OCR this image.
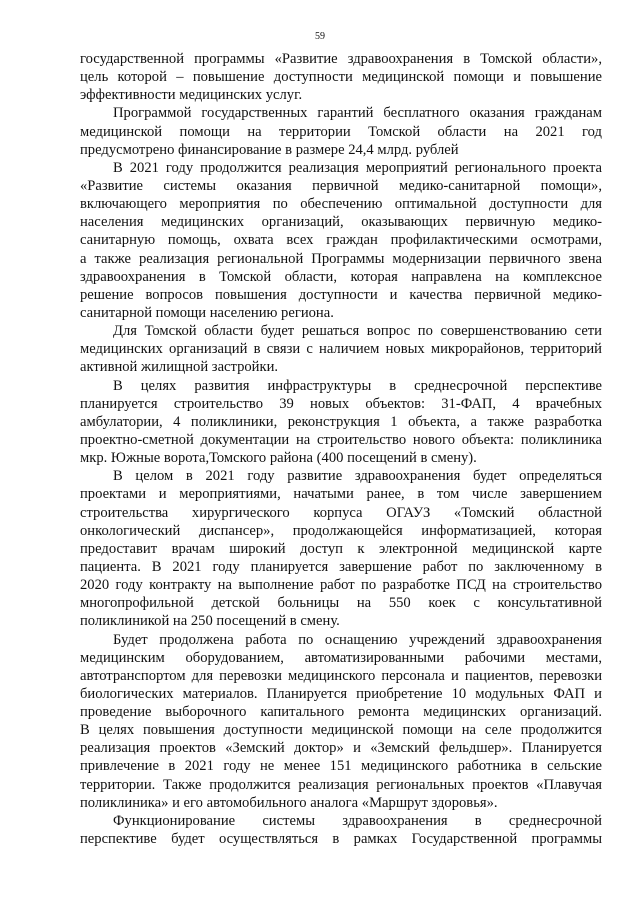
59
государственной программы «Развитие здравоохранения в Томской области»,
цель которой – повышение доступности медицинской помощи и повышение
эффективности медицинских услуг.
Программой государственных гарантий бесплатного оказания гражданам
медицинской помощи на территории Томской области на 2021 год
предусмотрено финансирование в размере 24,4 млрд. рублей
В 2021 году продолжится реализация мероприятий регионального проекта
«Развитие системы оказания первичной медико-санитарной помощи»,
включающего мероприятия по обеспечению оптимальной доступности для
населения медицинских организаций, оказывающих первичную медико-
санитарную помощь, охвата всех граждан профилактическими осмотрами,
а также реализация региональной Программы модернизации первичного звена
здравоохранения в Томской области, которая направлена на комплексное
решение вопросов повышения доступности и качества первичной медико-
санитарной помощи населению региона.
Для Томской области будет решаться вопрос по совершенствованию сети
медицинских организаций в связи с наличием новых микрорайонов, территорий
активной жилищной застройки.
В целях развития инфраструктуры в среднесрочной перспективе
планируется строительство 39 новых объектов: 31-ФАП, 4 врачебных
амбулатории, 4 поликлиники, реконструкция 1 объекта, а также разработка
проектно-сметной документации на строительство нового объекта: поликлиника
мкр. Южные ворота,Томского района (400 посещений в смену).
В целом в 2021 году развитие здравоохранения будет определяться
проектами и мероприятиями, начатыми ранее, в том числе завершением
строительства хирургического корпуса ОГАУЗ «Томский областной
онкологический диспансер», продолжающейся информатизацией, которая
предоставит врачам широкий доступ к электронной медицинской карте
пациента. В 2021 году планируется завершение работ по заключенному в
2020 году контракту на выполнение работ по разработке ПСД на строительство
многопрофильной детской больницы на 550 коек с консультативной
поликлиникой на 250 посещений в смену.
Будет продолжена работа по оснащению учреждений здравоохранения
медицинским оборудованием, автоматизированными рабочими местами,
автотранспортом для перевозки медицинского персонала и пациентов, перевозки
биологических материалов. Планируется приобретение 10 модульных ФАП и
проведение выборочного капитального ремонта медицинских организаций.
В целях повышения доступности медицинской помощи на селе продолжится
реализация проектов «Земский доктор» и «Земский фельдшер». Планируется
привлечение в 2021 году не менее 151 медицинского работника в сельские
территории. Также продолжится реализация региональных проектов «Плавучая
поликлиника» и его автомобильного аналога «Маршрут здоровья».
Функционирование системы здравоохранения в среднесрочной
перспективе будет осуществляться в рамках Государственной программы
